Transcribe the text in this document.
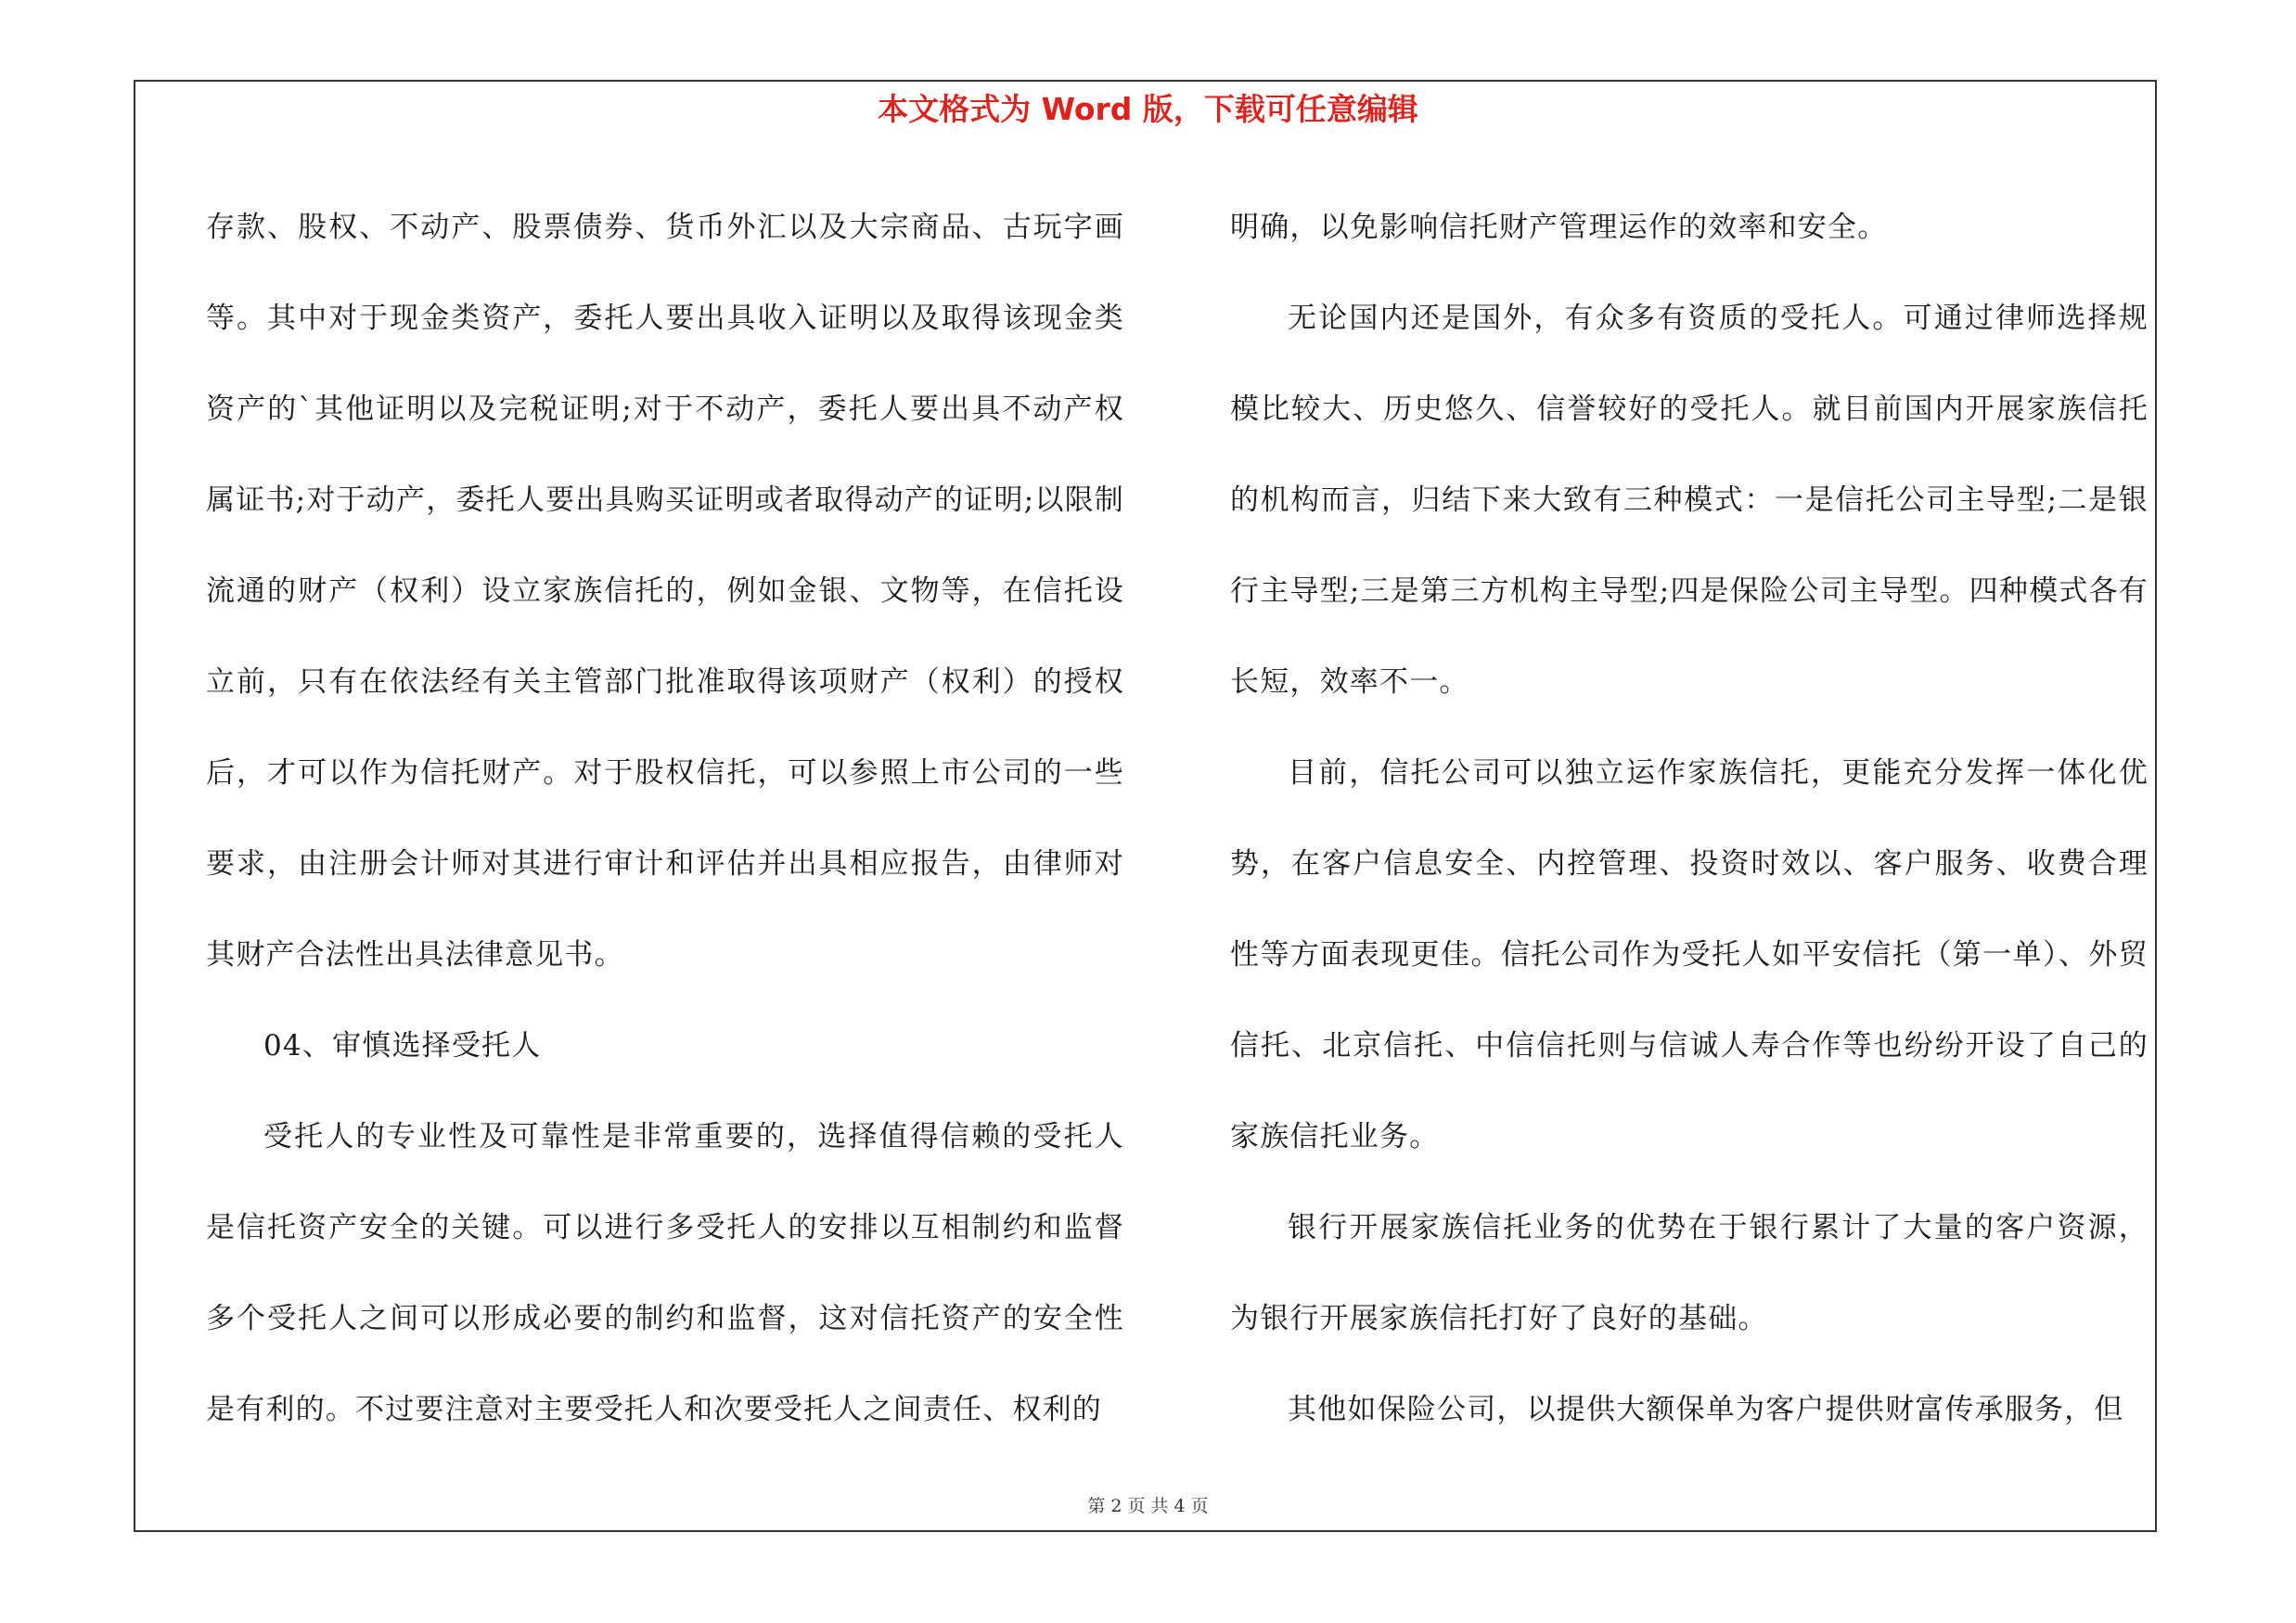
本文格式为 Word 版，下载可任意编辑

存款、股权、不动产、股票债券、货币外汇以及大宗商品、古玩字画等。其中对于现金类资产，委托人要出具收入证明以及取得该现金类资产的`其他证明以及完税证明;对于不动产，委托人要出具不动产权属证书;对于动产，委托人要出具购买证明或者取得动产的证明;以限制流通的财产（权利）设立家族信托的，例如金银、文物等，在信托设立前，只有在依法经有关主管部门批准取得该项财产（权利）的授权后，才可以作为信托财产。对于股权信托，可以参照上市公司的一些要求，由注册会计师对其进行审计和评估并出具相应报告，由律师对其财产合法性出具法律意见书。

04、审慎选择受托人

受托人的专业性及可靠性是非常重要的，选择值得信赖的受托人是信托资产安全的关键。可以进行多受托人的安排以互相制约和监督多个受托人之间可以形成必要的制约和监督，这对信托资产的安全性是有利的。不过要注意对主要受托人和次要受托人之间责任、权利的

明确，以免影响信托财产管理运作的效率和安全。

无论国内还是国外，有众多有资质的受托人。可通过律师选择规模比较大、历史悠久、信誉较好的受托人。就目前国内开展家族信托的机构而言，归结下来大致有三种模式：一是信托公司主导型;二是银行主导型;三是第三方机构主导型;四是保险公司主导型。四种模式各有长短，效率不一。

目前，信托公司可以独立运作家族信托，更能充分发挥一体化优势，在客户信息安全、内控管理、投资时效以、客户服务、收费合理性等方面表现更佳。信托公司作为受托人如平安信托（第一单）、外贸信托、北京信托、中信信托则与信诚人寿合作等也纷纷开设了自己的家族信托业务。

银行开展家族信托业务的优势在于银行累计了大量的客户资源，为银行开展家族信托打好了良好的基础。

其他如保险公司，以提供大额保单为客户提供财富传承服务，但

第 2 页 共 4 页
